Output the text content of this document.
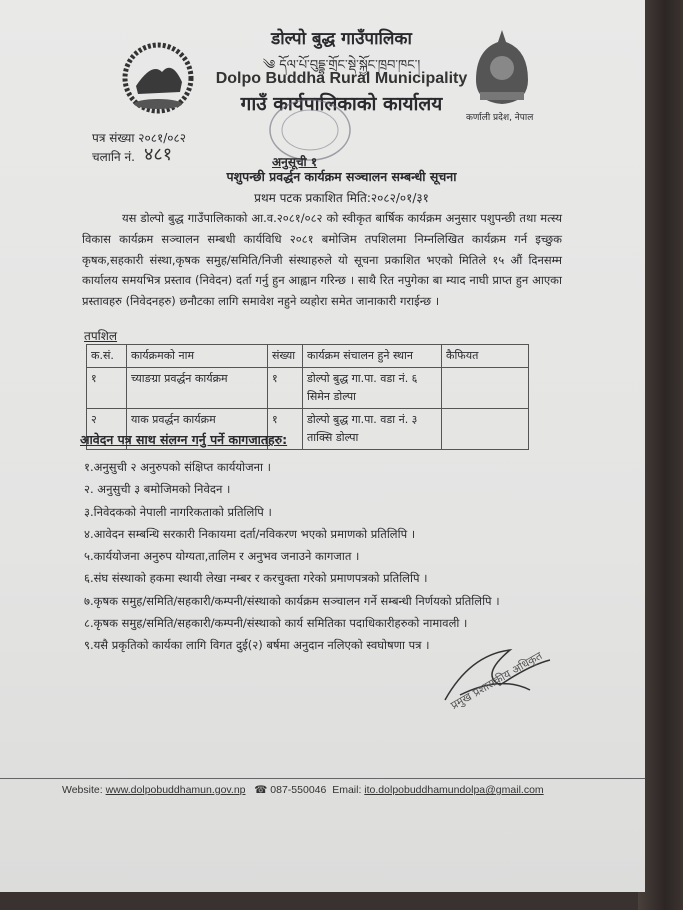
डोल्पो बुद्ध गाउँपालिका
༄ དོལ་པོ་བུདྡྷ་གྲོང་སྡེ་སྐྱོང་ཁྲབ་ཁང་།
Dolpo Buddha Rural Municipality
गाउँ कार्यपालिकाको कार्यालय
कर्णाली प्रदेश, नेपाल
पत्र संख्या २०८१/०८२
चलानि नं. ४८१	अनुसूची १
पशुपन्छी प्रवर्द्धन कार्यक्रम सञ्चालन सम्बन्धी सूचना
प्रथम पटक प्रकाशित मिति:२०८२/०१/३१
यस डोल्पो बुद्ध गाउँपालिकाको आ.व.२०८१/०८२ को स्वीकृत बार्षिक कार्यक्रम अनुसार पशुपन्छी तथा मत्स्य विकास कार्यक्रम सञ्चालन सम्बधी कार्यविधि २०८१ बमोजिम तपशिलमा निम्नलिखित कार्यक्रम गर्न इच्छुक कृषक,सहकारी संस्था,कृषक समुह/समिति/निजी संस्थाहरुले यो सूचना प्रकाशित भएको मितिले १५ औं दिनसम्म कार्यालय समयभित्र प्रस्ताव (निवेदन) दर्ता गर्नु हुन आह्वान गरिन्छ । साथै रित नपुगेका बा म्याद नाघी प्राप्त हुन आएका प्रस्तावहरु (निवेदनहरु) छनौटका लागि समावेश नहुने व्यहोरा समेत जानाकारी गराईन्छ ।
तपशिल
क.सं.	कार्यक्रमको नाम	संख्या	कार्यक्रम संचालन हुने स्थान	कैफियत
१	च्याङग्रा प्रवर्द्धन कार्यक्रम	१	डोल्पो बुद्ध गा.पा. वडा नं. ६ सिमेन डोल्पा	
२	याक प्रवर्द्धन कार्यक्रम	१	डोल्पो बुद्ध गा.पा. वडा नं. ३ ताक्सि डोल्पा	
आवेदन पत्र साथ संलग्न गर्नु पर्ने कागजातहरु:
१.अनुसुची २ अनुरुपको संक्षिप्त कार्ययोजना ।
२. अनुसुची ३ बमोजिमको निवेदन ।
३.निवेदकको नेपाली नागरिकताको प्रतिलिपि ।
४.आवेदन सम्बन्धि सरकारी निकायमा दर्ता/नविकरण भएको प्रमाणको प्रतिलिपि ।
५.कार्ययोजना अनुरुप योग्यता,तालिम र अनुभव जनाउने कागजात ।
६.संघ संस्थाको हकमा स्थायी लेखा नम्बर र करचुक्ता गरेको प्रमाणपत्रको प्रतिलिपि ।
७.कृषक समुह/समिति/सहकारी/कम्पनी/संस्थाको कार्यक्रम सञ्चालन गर्ने सम्बन्धी निर्णयको प्रतिलिपि ।
८.कृषक समुह/समिति/सहकारी/कम्पनी/संस्थाको कार्य समितिका पदाधिकारीहरुको नामावली ।
९.यसै प्रकृतिको कार्यका लागि विगत दुई(२) बर्षमा अनुदान नलिएको स्वघोषणा पत्र ।
प्रमुख प्रशासकीय अधिकृत
Website: www.dolpobuddhamun.gov.np ☎ 087-550046 Email: ito.dolpobuddhamundolpa@gmail.com
